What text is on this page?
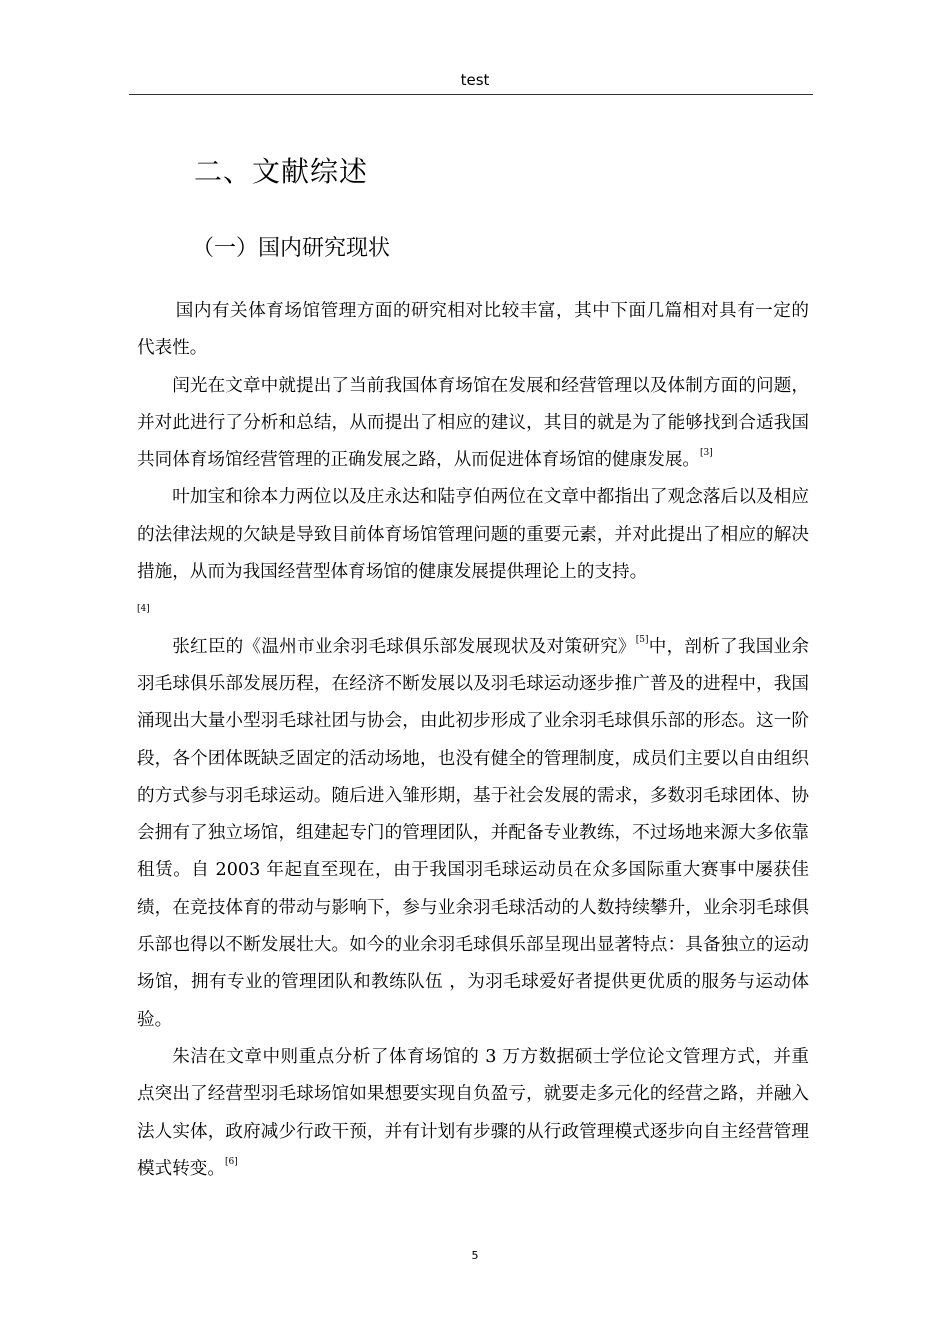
test
二、文献综述
（一）国内研究现状

国内有关体育场馆管理方面的研究相对比较丰富，其中下面几篇相对具有一定的代表性。

闰光在文章中就提出了当前我国体育场馆在发展和经营管理以及体制方面的问题，并对此进行了分析和总结，从而提出了相应的建议，其目的就是为了能够找到合适我国共同体育场馆经营管理的正确发展之路，从而促进体育场馆的健康发展。[3]

叶加宝和徐本力两位以及庄永达和陆亨伯两位在文章中都指出了观念落后以及相应的法律法规的欠缺是导致目前体育场馆管理问题的重要元素，并对此提出了相应的解决措施，从而为我国经营型体育场馆的健康发展提供理论上的支持。
[4]

张红臣的《温州市业余羽毛球俱乐部发展现状及对策研究》[5]中，剖析了我国业余羽毛球俱乐部发展历程，在经济不断发展以及羽毛球运动逐步推广普及的进程中，我国涌现出大量小型羽毛球社团与协会，由此初步形成了业余羽毛球俱乐部的形态。这一阶段，各个团体既缺乏固定的活动场地，也没有健全的管理制度，成员们主要以自由组织的方式参与羽毛球运动。随后进入雏形期，基于社会发展的需求，多数羽毛球团体、协会拥有了独立场馆，组建起专门的管理团队，并配备专业教练，不过场地来源大多依靠租赁。自 2003 年起直至现在，由于我国羽毛球运动员在众多国际重大赛事中屡获佳绩，在竞技体育的带动与影响下，参与业余羽毛球活动的人数持续攀升，业余羽毛球俱乐部也得以不断发展壮大。如今的业余羽毛球俱乐部呈现出显著特点：具备独立的运动场馆，拥有专业的管理团队和教练队伍 ，为羽毛球爱好者提供更优质的服务与运动体验。

朱洁在文章中则重点分析了体育场馆的 3 万方数据硕士学位论文管理方式，并重点突出了经营型羽毛球场馆如果想要实现自负盈亏，就要走多元化的经营之路，并融入法人实体，政府减少行政干预，并有计划有步骤的从行政管理模式逐步向自主经营管理模式转变。[6]

5
